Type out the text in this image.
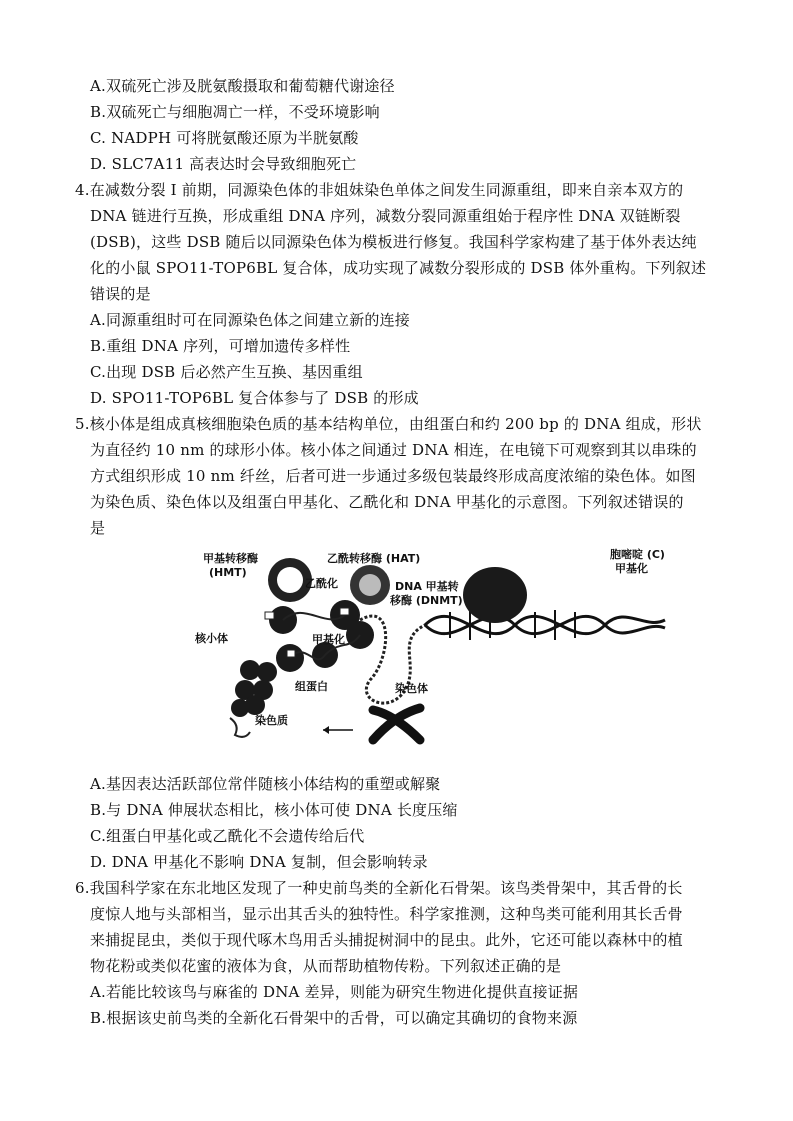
A.双硫死亡涉及胱氨酸摄取和葡萄糖代谢途径
B.双硫死亡与细胞凋亡一样，不受环境影响
C. NADPH 可将胱氨酸还原为半胱氨酸
D. SLC7A11 高表达时会导致细胞死亡
4.在减数分裂 I 前期，同源染色体的非姐妹染色单体之间发生同源重组，即来自亲本双方的
DNA 链进行互换，形成重组 DNA 序列，减数分裂同源重组始于程序性 DNA 双链断裂
(DSB)，这些 DSB 随后以同源染色体为模板进行修复。我国科学家构建了基于体外表达纯
化的小鼠 SPO11-TOP6BL 复合体，成功实现了减数分裂形成的 DSB 体外重构。下列叙述
错误的是
A.同源重组时可在同源染色体之间建立新的连接
B.重组 DNA 序列，可增加遗传多样性
C.出现 DSB 后必然产生互换、基因重组
D. SPO11-TOP6BL 复合体参与了 DSB 的形成
5.核小体是组成真核细胞染色质的基本结构单位，由组蛋白和约 200 bp 的 DNA 组成，形状
为直径约 10 nm 的球形小体。核小体之间通过 DNA 相连，在电镜下可观察到其以串珠的
方式组织形成 10 nm 纤丝，后者可进一步通过多级包装最终形成高度浓缩的染色体。如图
为染色质、染色体以及组蛋白甲基化、乙酰化和 DNA 甲基化的示意图。下列叙述错误的
是
甲基转移酶
(HMT)
乙酰转移酶 (HAT)
乙酰化
核小体	甲基化
组蛋白
染色质
DNA 甲基转
移酶 (DNMT)
胞嘧啶 (C)
甲基化
染色体
A.基因表达活跃部位常伴随核小体结构的重塑或解聚
B.与 DNA 伸展状态相比，核小体可使 DNA 长度压缩
C.组蛋白甲基化或乙酰化不会遗传给后代
D. DNA 甲基化不影响 DNA 复制，但会影响转录
6.我国科学家在东北地区发现了一种史前鸟类的全新化石骨架。该鸟类骨架中，其舌骨的长
度惊人地与头部相当，显示出其舌头的独特性。科学家推测，这种鸟类可能利用其长舌骨
来捕捉昆虫，类似于现代啄木鸟用舌头捕捉树洞中的昆虫。此外，它还可能以森林中的植
物花粉或类似花蜜的液体为食，从而帮助植物传粉。下列叙述正确的是
A.若能比较该鸟与麻雀的 DNA 差异，则能为研究生物进化提供直接证据
B.根据该史前鸟类的全新化石骨架中的舌骨，可以确定其确切的食物来源
